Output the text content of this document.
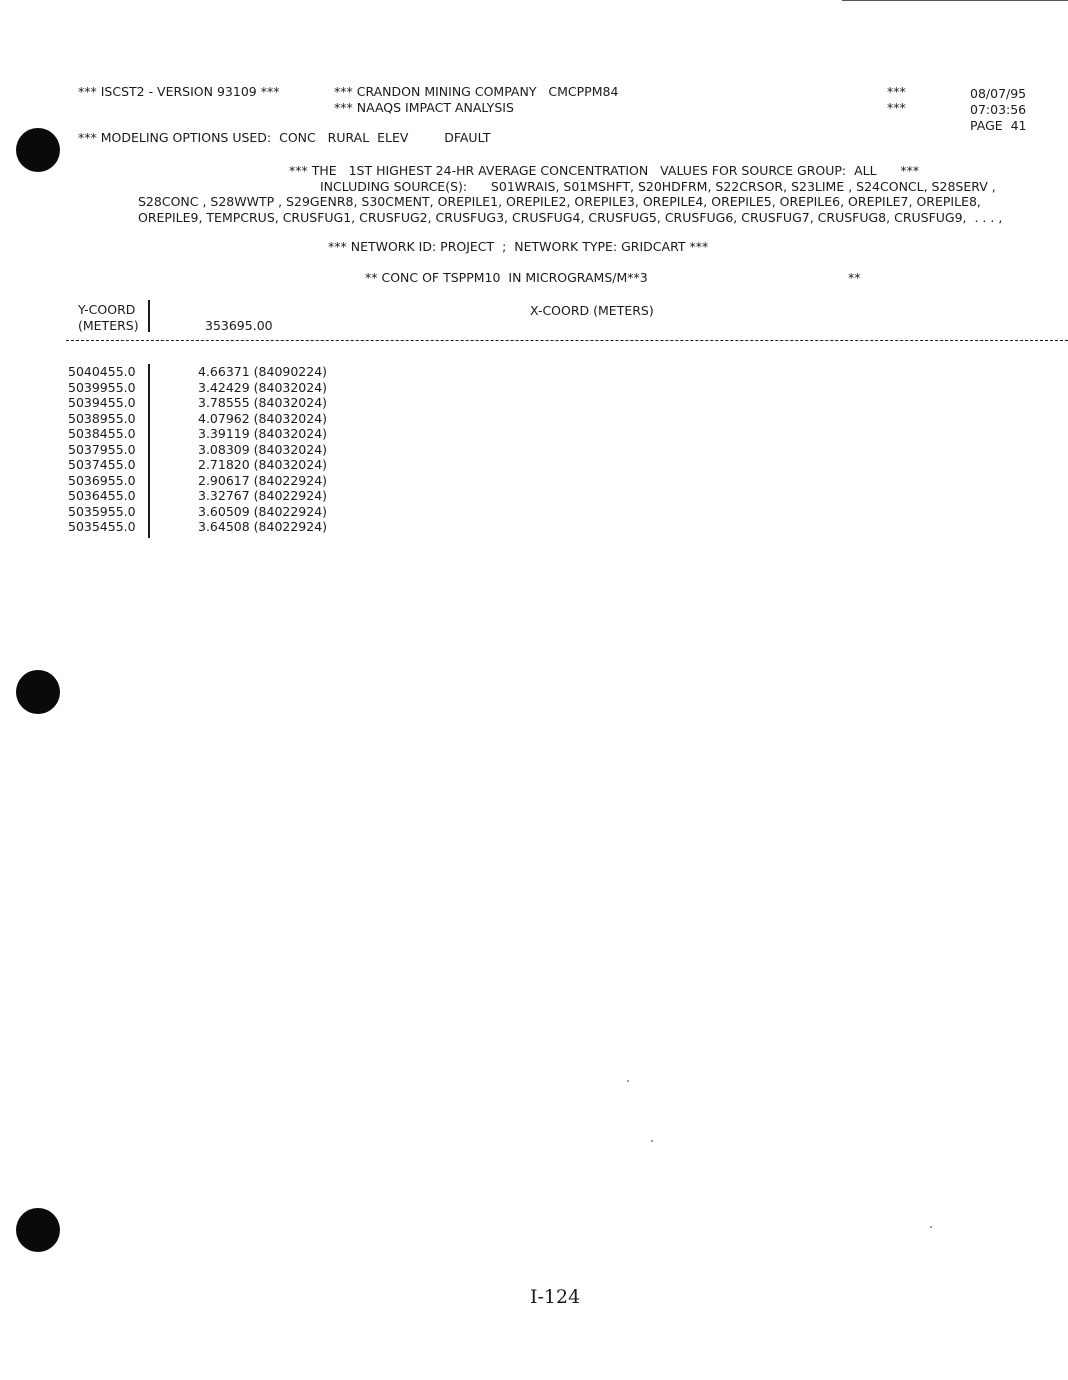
*** ISCST2 - VERSION 93109 ***	*** CRANDON MINING COMPANY   CMCPPM84
*** NAAQS IMPACT ANALYSIS
***
***
08/07/95
07:03:56
PAGE  41
*** MODELING OPTIONS USED:  CONC   RURAL  ELEV         DFAULT
*** THE   1ST HIGHEST 24-HR AVERAGE CONCENTRATION   VALUES FOR SOURCE GROUP:  ALL      ***
INCLUDING SOURCE(S):      S01WRAIS, S01MSHFT, S20HDFRM, S22CRSOR, S23LIME , S24CONCL, S28SERV ,
S28CONC , S28WWTP , S29GENR8, S30CMENT, OREPILE1, OREPILE2, OREPILE3, OREPILE4, OREPILE5, OREPILE6, OREPILE7, OREPILE8,
OREPILE9, TEMPCRUS, CRUSFUG1, CRUSFUG2, CRUSFUG3, CRUSFUG4, CRUSFUG5, CRUSFUG6, CRUSFUG7, CRUSFUG8, CRUSFUG9,  . . . ,
*** NETWORK ID: PROJECT  ;  NETWORK TYPE: GRIDCART ***
** CONC OF TSPPM10  IN MICROGRAMS/M**3	**
Y-COORD
(METERS)
X-COORD (METERS)
353695.00
5040455.0	4.66371 (84090224)
5039955.0	3.42429 (84032024)
5039455.0	3.78555 (84032024)
5038955.0	4.07962 (84032024)
5038455.0	3.39119 (84032024)
5037955.0	3.08309 (84032024)
5037455.0	2.71820 (84032024)
5036955.0	2.90617 (84022924)
5036455.0	3.32767 (84022924)
5035955.0	3.60509 (84022924)
5035455.0	3.64508 (84022924)
I-124
